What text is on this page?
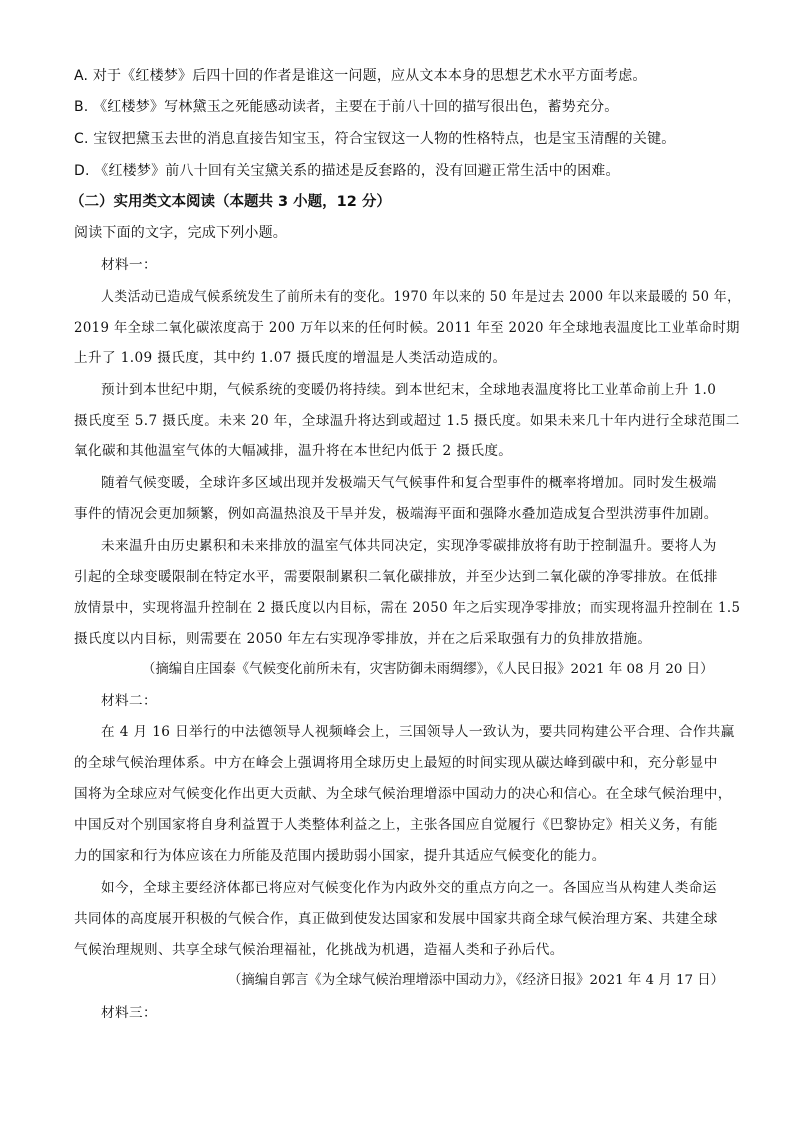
A. 对于《红楼梦》后四十回的作者是谁这一问题，应从文本本身的思想艺术水平方面考虑。
B. 《红楼梦》写林黛玉之死能感动读者，主要在于前八十回的描写很出色，蓄势充分。
C. 宝钗把黛玉去世的消息直接告知宝玉，符合宝钗这一人物的性格特点，也是宝玉清醒的关键。
D. 《红楼梦》前八十回有关宝黛关系的描述是反套路的，没有回避正常生活中的困难。
（二）实用类文本阅读（本题共 3 小题，12 分）
阅读下面的文字，完成下列小题。
材料一：
人类活动已造成气候系统发生了前所未有的变化。1970 年以来的 50 年是过去 2000 年以来最暖的 50 年，
2019 年全球二氧化碳浓度高于 200 万年以来的任何时候。2011 年至 2020 年全球地表温度比工业革命时期
上升了 1.09 摄氏度，其中约 1.07 摄氏度的增温是人类活动造成的。
预计到本世纪中期，气候系统的变暖仍将持续。到本世纪末，全球地表温度将比工业革命前上升 1.0
摄氏度至 5.7 摄氏度。未来 20 年，全球温升将达到或超过 1.5 摄氏度。如果未来几十年内进行全球范围二
氧化碳和其他温室气体的大幅减排，温升将在本世纪内低于 2 摄氏度。
随着气候变暖，全球许多区域出现并发极端天气气候事件和复合型事件的概率将增加。同时发生极端
事件的情况会更加频繁，例如高温热浪及干旱并发，极端海平面和强降水叠加造成复合型洪涝事件加剧。
未来温升由历史累积和未来排放的温室气体共同决定，实现净零碳排放将有助于控制温升。要将人为
引起的全球变暖限制在特定水平，需要限制累积二氧化碳排放，并至少达到二氧化碳的净零排放。在低排
放情景中，实现将温升控制在 2 摄氏度以内目标，需在 2050 年之后实现净零排放；而实现将温升控制在 1.5
摄氏度以内目标，则需要在 2050 年左右实现净零排放，并在之后采取强有力的负排放措施。
（摘编自庄国泰《气候变化前所未有，灾害防御未雨绸缪》，《人民日报》2021 年 08 月 20 日）
材料二：
在 4 月 16 日举行的中法德领导人视频峰会上，三国领导人一致认为，要共同构建公平合理、合作共赢
的全球气候治理体系。中方在峰会上强调将用全球历史上最短的时间实现从碳达峰到碳中和，充分彰显中
国将为全球应对气候变化作出更大贡献、为全球气候治理增添中国动力的决心和信心。在全球气候治理中，
中国反对个别国家将自身利益置于人类整体利益之上，主张各国应自觉履行《巴黎协定》相关义务，有能
力的国家和行为体应该在力所能及范围内援助弱小国家，提升其适应气候变化的能力。
如今，全球主要经济体都已将应对气候变化作为内政外交的重点方向之一。各国应当从构建人类命运
共同体的高度展开积极的气候合作，真正做到使发达国家和发展中国家共商全球气候治理方案、共建全球
气候治理规则、共享全球气候治理福祉，化挑战为机遇，造福人类和子孙后代。
（摘编自郭言《为全球气候治理增添中国动力》，《经济日报》2021 年 4 月 17 日）
材料三：
